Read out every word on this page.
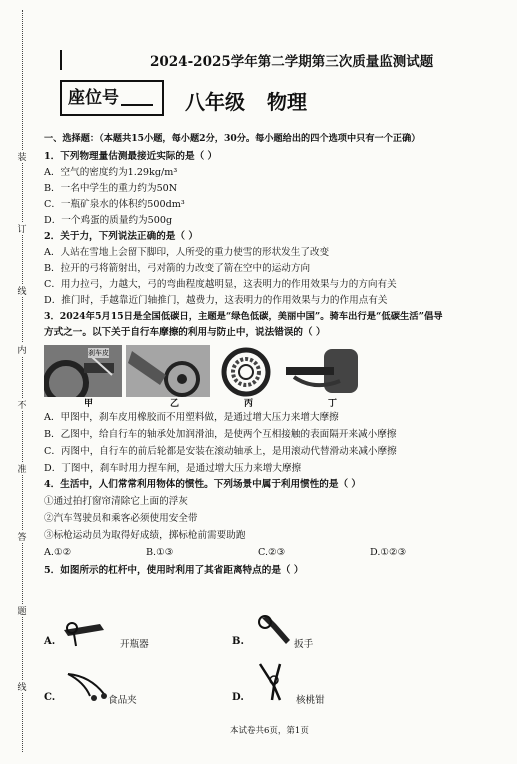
装
订
线
内
不
准
答
题
线
2024-2025学年第二学期第三次质量监测试题
座位号	八年级 物理
一、选择题：（本题共15小题，每小题2分，30分。每小题给出的四个选项中只有一个正确）
1．下列物理量估测最接近实际的是（ ）
A．空气的密度约为1.29kg/m³
B．一名中学生的重力约为50N
C．一瓶矿泉水的体积约500dm³
D．一个鸡蛋的质量约为500g
2．关于力，下列说法正确的是（ ）
A．人站在雪地上会留下脚印，人所受的重力使雪的形状发生了改变
B．拉开的弓将箭射出，弓对箭的力改变了箭在空中的运动方向
C．用力拉弓，力越大，弓的弯曲程度越明显，这表明力的作用效果与力的方向有关
D．推门时，手越靠近门轴推门，越费力，这表明力的作用效果与力的作用点有关
3．2024年5月15日是全国低碳日，主题是“绿色低碳，美丽中国”。骑车出行是“低碳生活”倡导
方式之一。以下关于自行车摩擦的利用与防止中，说法错误的（ ）
刹车皮
甲	乙	丙	丁
A．甲图中，刹车皮用橡胶而不用塑料做，是通过增大压力来增大摩擦
B．乙图中，给自行车的轴承处加润滑油，是使两个互相接触的表面隔开来减小摩擦
C．丙图中，自行车的前后轮都是安装在滚动轴承上，是用滚动代替滑动来减小摩擦
D．丁图中，刹车时用力捏车闸，是通过增大压力来增大摩擦
4．生活中，人们常常利用物体的惯性。下列场景中属于利用惯性的是（ ）
①通过拍打窗帘清除它上面的浮灰
②汽车驾驶员和乘客必须使用安全带
③标枪运动员为取得好成绩，掷标枪前需要助跑
A.①②	B.①③	C.②③	D.①②③
5．如图所示的杠杆中，使用时利用了其省距离特点的是（ ）
A.	开瓶器	B.	扳手
C.	食品夹	D.	核桃钳
本试卷共6页，第1页
